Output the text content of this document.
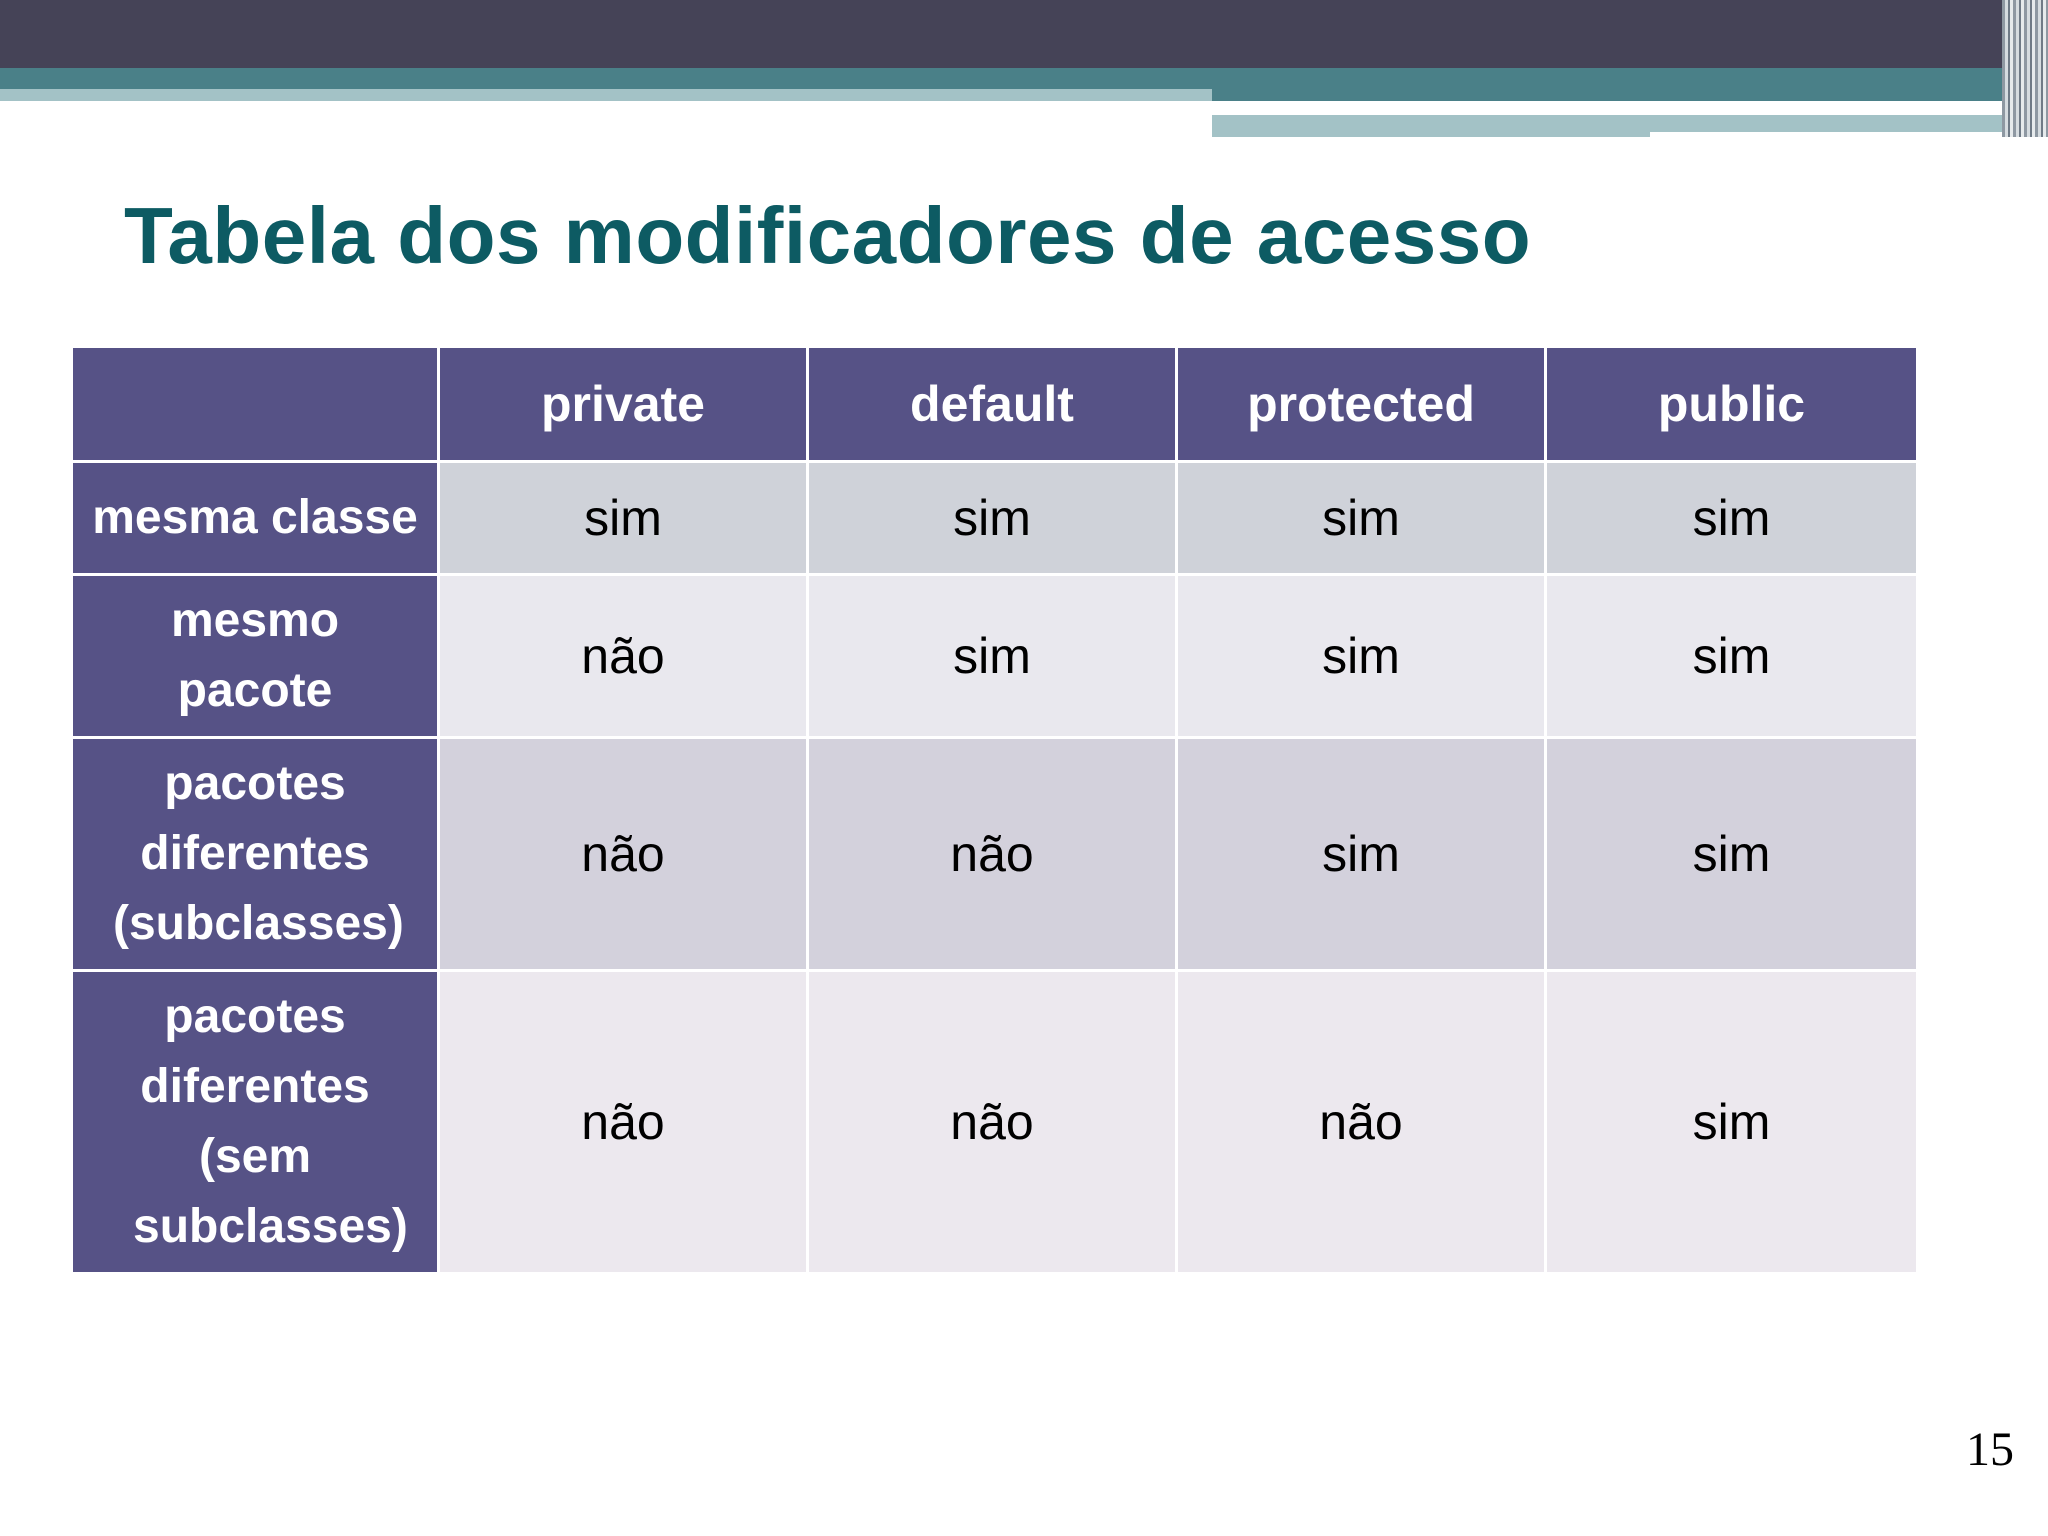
Tabela dos modificadores de acesso
	private	default	protected	public
mesma classe	sim	sim	sim	sim
mesmo pacote	não	sim	sim	sim
pacotes diferentes (subclasses)	não	não	sim	sim
pacotes diferentes (sem subclasses)	não	não	não	sim
15
